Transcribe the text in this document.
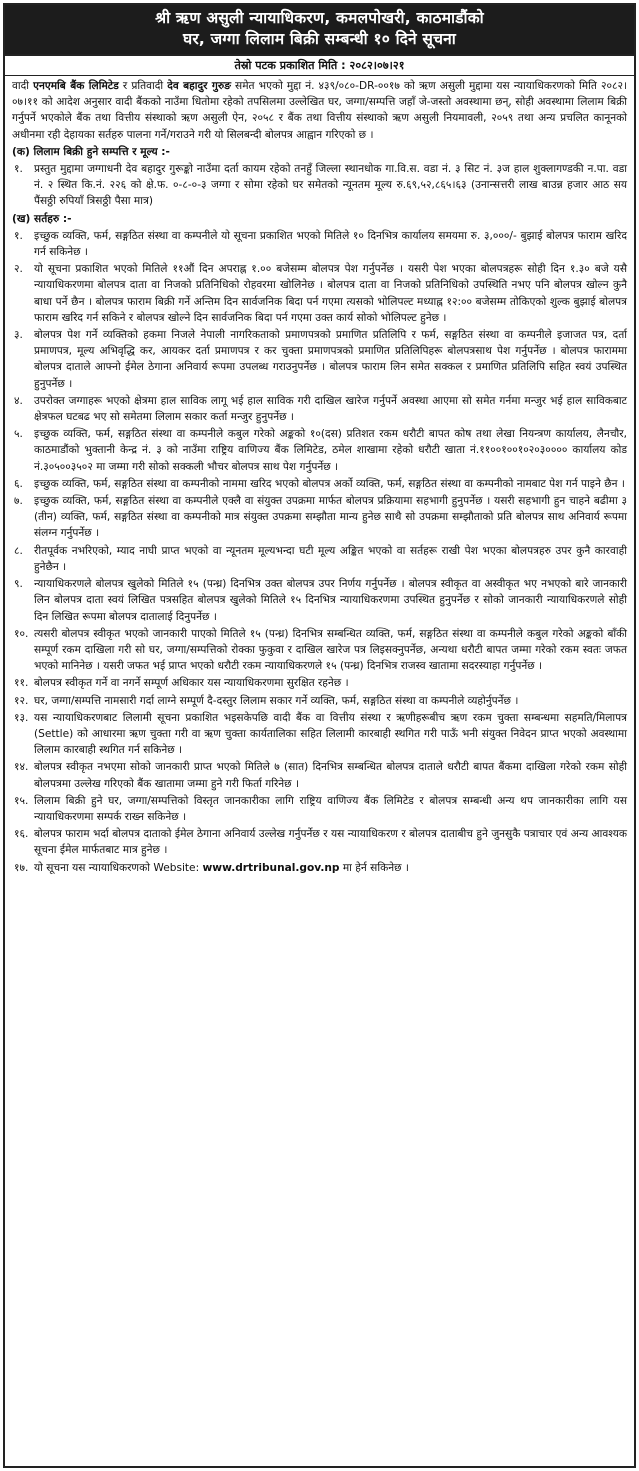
श्री ऋण असुली न्यायाधिकरण, कमलपोखरी, काठमाडौंको
घर, जग्गा लिलाम बिक्री सम्बन्धी १० दिने सूचना
तेस्रो पटक प्रकाशित मिति : २०८२।०७।२१

वादी एनएमबि बैंक लिमिटेड र प्रतिवादी देव बहादुर गुरुङ समेत भएको मुद्दा नं. ४३९/०८०-DR-००१७ को ऋण असुली मुद्दामा यस न्यायाधिकरणको मिति २०८२।०७।११ को आदेश अनुसार वादी बैंकको नाउँमा धितोमा रहेको तपसिलमा उल्लेखित घर, जग्गा/सम्पत्ति जहाँ जे-जस्तो अवस्थामा छन्, सोही अवस्थामा लिलाम बिक्री गर्नुपर्ने भएकोले बैंक तथा वित्तीय संस्थाको ऋण असुली ऐन, २०५८ र बैंक तथा वित्तीय संस्थाको ऋण असुली नियमावली, २०५९ तथा अन्य प्रचलित कानूनको अधीनमा रही देहायका सर्तहरु पालना गर्ने/गराउने गरी यो सिलबन्दी बोलपत्र आह्वान गरिएको छ ।

(क) लिलाम बिक्री हुने सम्पत्ति र मूल्य :-
१.	प्रस्तुत मुद्दामा जग्गाधनी देव बहादुर गुरूङ्को नाउँमा दर्ता कायम रहेको तनहुँ जिल्ला स्थानधोक गा.वि.स. वडा नं. ३ सिट नं. ३ज हाल शुक्लागण्डकी न.पा. वडा नं. २ स्थित कि.नं. २२६ को क्षे.फ. ०-८-०-३ जग्गा र सोमा रहेको घर समेतको न्यूनतम मूल्य रु.६९,५२,८६५।६३ (उनान्सत्तरी लाख बाउन्न हजार आठ सय पैंसठ्ठी रुपियाँ त्रिसठ्ठी पैसा मात्र)
(ख) सर्तहरु :-
१.	इच्छुक व्यक्ति, फर्म, सङ्गठित संस्था वा कम्पनीले यो सूचना प्रकाशित भएको मितिले १० दिनभित्र कार्यालय समयमा रु. ३,०००/- बुझाई बोलपत्र फाराम खरिद गर्न सकिनेछ ।
२.	यो सूचना प्रकाशित भएको मितिले ११औं दिन अपराह्न १.०० बजेसम्म बोलपत्र पेश गर्नुपर्नेछ । यसरी पेश भएका बोलपत्रहरू सोही दिन १.३० बजे यसै न्यायाधिकरणमा बोलपत्र दाता वा निजको प्रतिनिधिको रोहवरमा खोलिनेछ । बोलपत्र दाता वा निजको प्रतिनिधिको उपस्थिति नभए पनि बोलपत्र खोल्न कुनै बाधा पर्ने छैन । बोलपत्र फाराम बिक्री गर्ने अन्तिम दिन सार्वजनिक बिदा पर्न गएमा त्यसको भोलिपल्ट मध्याह्न १२:०० बजेसम्म तोकिएको शुल्क बुझाई बोलपत्र फाराम खरिद गर्न सकिने र बोलपत्र खोल्ने दिन सार्वजनिक बिदा पर्न गएमा उक्त कार्य सोको भोलिपल्ट हुनेछ ।
३.	बोलपत्र पेश गर्ने व्यक्तिको हकमा निजले नेपाली नागरिकताको प्रमाणपत्रको प्रमाणित प्रतिलिपि र फर्म, सङ्गठित संस्था वा कम्पनीले इजाजत पत्र, दर्ता प्रमाणपत्र, मूल्य अभिवृद्धि कर, आयकर दर्ता प्रमाणपत्र र कर चुक्ता प्रमाणपत्रको प्रमाणित प्रतिलिपिहरू बोलपत्रसाथ पेश गर्नुपर्नेछ । बोलपत्र फाराममा बोलपत्र दाताले आफ्नो ईमेल ठेगाना अनिवार्य रूपमा उपलब्ध गराउनुपर्नेछ । बोलपत्र फाराम लिन समेत सक्कल र प्रमाणित प्रतिलिपि सहित स्वयं उपस्थित हुनुपर्नेछ ।
४.	उपरोक्त जग्गाहरू भएको क्षेत्रमा हाल साविक लागू भई हाल साविक गरी दाखिल खारेज गर्नुपर्ने अवस्था आएमा सो समेत गर्नमा मन्जुर भई हाल साविकबाट क्षेत्रफल घटबढ भए सो समेतमा लिलाम सकार कर्ता मन्जुर हुनुपर्नेछ ।
५.	इच्छुक व्यक्ति, फर्म, सङ्गठित संस्था वा कम्पनीले कबुल गरेको अङ्कको १०(दस) प्रतिशत रकम धरौटी बापत कोष तथा लेखा नियन्त्रण कार्यालय, लैनचौर, काठमाडौंको भुक्तानी केन्द्र नं. ३ को नाउँमा राष्ट्रिय वाणिज्य बैंक लिमिटेड, ठमेल शाखामा रहेको धरौटी खाता नं.११००१००१०२०३०००० कार्यालय कोड नं.३०५००३५०२ मा जम्मा गरी सोको सक्कली भौचर बोलपत्र साथ पेश गर्नुपर्नेछ ।
६.	इच्छुक व्यक्ति, फर्म, सङ्गठित संस्था वा कम्पनीको नाममा खरिद भएको बोलपत्र अर्को व्यक्ति, फर्म, सङ्गठित संस्था वा कम्पनीको नामबाट पेश गर्न पाइने छैन ।
७.	इच्छुक व्यक्ति, फर्म, सङ्गठित संस्था वा कम्पनीले एक्लै वा संयुक्त उपक्रमा मार्फत बोलपत्र प्रक्रियामा सहभागी हुनुपर्नेछ । यसरी सहभागी हुन चाहने बढीमा ३ (तीन) व्यक्ति, फर्म, सङ्गठित संस्था वा कम्पनीको मात्र संयुक्त उपक्रमा सम्झौता मान्य हुनेछ साथै सो उपक्रमा सम्झौताको प्रति बोलपत्र साथ अनिवार्य रूपमा संलग्न गर्नुपर्नेछ ।
८.	रीतपूर्वक नभरिएको, म्याद नाघी प्राप्त भएको वा न्यूनतम मूल्यभन्दा घटी मूल्य अङ्कित भएको वा सर्तहरू राखी पेश भएका बोलपत्रहरु उपर कुनै कारवाही हुनेछैन ।
९.	न्यायाधिकरणले बोलपत्र खुलेको मितिले १५ (पन्ध्र) दिनभित्र उक्त बोलपत्र उपर निर्णय गर्नुपर्नेछ । बोलपत्र स्वीकृत वा अस्वीकृत भए नभएको बारे जानकारी लिन बोलपत्र दाता स्वयं लिखित पत्रसहित बोलपत्र खुलेको मितिले १५ दिनभित्र न्यायाधिकरणमा उपस्थित हुनुपर्नेछ र सोको जानकारी न्यायाधिकरणले सोही दिन लिखित रूपमा बोलपत्र दातालाई दिनुपर्नेछ ।
१०. त्यसरी बोलपत्र स्वीकृत भएको जानकारी पाएको मितिले १५ (पन्ध्र) दिनभित्र सम्बन्धित व्यक्ति, फर्म, सङ्गठित संस्था वा कम्पनीले कबुल गरेको अङ्कको बाँकी सम्पूर्ण रकम दाखिला गरी सो घर, जग्गा/सम्पत्तिको रोक्का फुकुवा र दाखिल खारेज पत्र लिइसक्नुपर्नेछ, अन्यथा धरौटी बापत जम्मा गरेको रकम स्वतः जफत भएको मानिनेछ । यसरी जफत भई प्राप्त भएको धरौटी रकम न्यायाधिकरणले १५ (पन्ध्र) दिनभित्र राजस्व खातामा सदरस्याहा गर्नुपर्नेछ ।
११. बोलपत्र स्वीकृत गर्ने वा नगर्ने सम्पूर्ण अधिकार यस न्यायाधिकरणमा सुरक्षित रहनेछ ।
१२. घर, जग्गा/सम्पत्ति नामसारी गर्दा लाग्ने सम्पूर्ण दै-दस्तुर लिलाम सकार गर्ने व्यक्ति, फर्म, सङ्गठित संस्था वा कम्पनीले व्यहोर्नुपर्नेछ ।
१३. यस न्यायाधिकरणबाट लिलामी सूचना प्रकाशित भइसकेपछि वादी बैंक वा वित्तीय संस्था र ऋणीहरूबीच ऋण रकम चुक्ता सम्बन्धमा सहमति/मिलापत्र (Settle) को आधारमा ऋण चुक्ता गरी वा ऋण चुक्ता कार्यतालिका सहित लिलामी कारबाही स्थगित गरी पाऊँ भनी संयुक्त निवेदन प्राप्त भएको अवस्थामा लिलाम कारबाही स्थगित गर्न सकिनेछ ।
१४. बोलपत्र स्वीकृत नभएमा सोको जानकारी प्राप्त भएको मितिले ७ (सात) दिनभित्र सम्बन्धित बोलपत्र दाताले धरौटी बापत बैंकमा दाखिला गरेको रकम सोही बोलपत्रमा उल्लेख गरिएको बैंक खातामा जम्मा हुने गरी फिर्ता गरिनेछ ।
१५. लिलाम बिक्री हुने घर, जग्गा/सम्पत्तिको विस्तृत जानकारीका लागि राष्ट्रिय वाणिज्य बैंक लिमिटेड र बोलपत्र सम्बन्धी अन्य थप जानकारीका लागि यस न्यायाधिकरणमा सम्पर्क राख्न सकिनेछ ।
१६. बोलपत्र फाराम भर्दा बोलपत्र दाताको ईमेल ठेगाना अनिवार्य उल्लेख गर्नुपर्नेछ र यस न्यायाधिकरण र बोलपत्र दाताबीच हुने जुनसुकै पत्राचार एवं अन्य आवश्यक सूचना ईमेल मार्फतबाट मात्र हुनेछ ।
१७. यो सूचना यस न्यायाधिकरणको Website: www.drtribunal.gov.np मा हेर्न सकिनेछ ।
